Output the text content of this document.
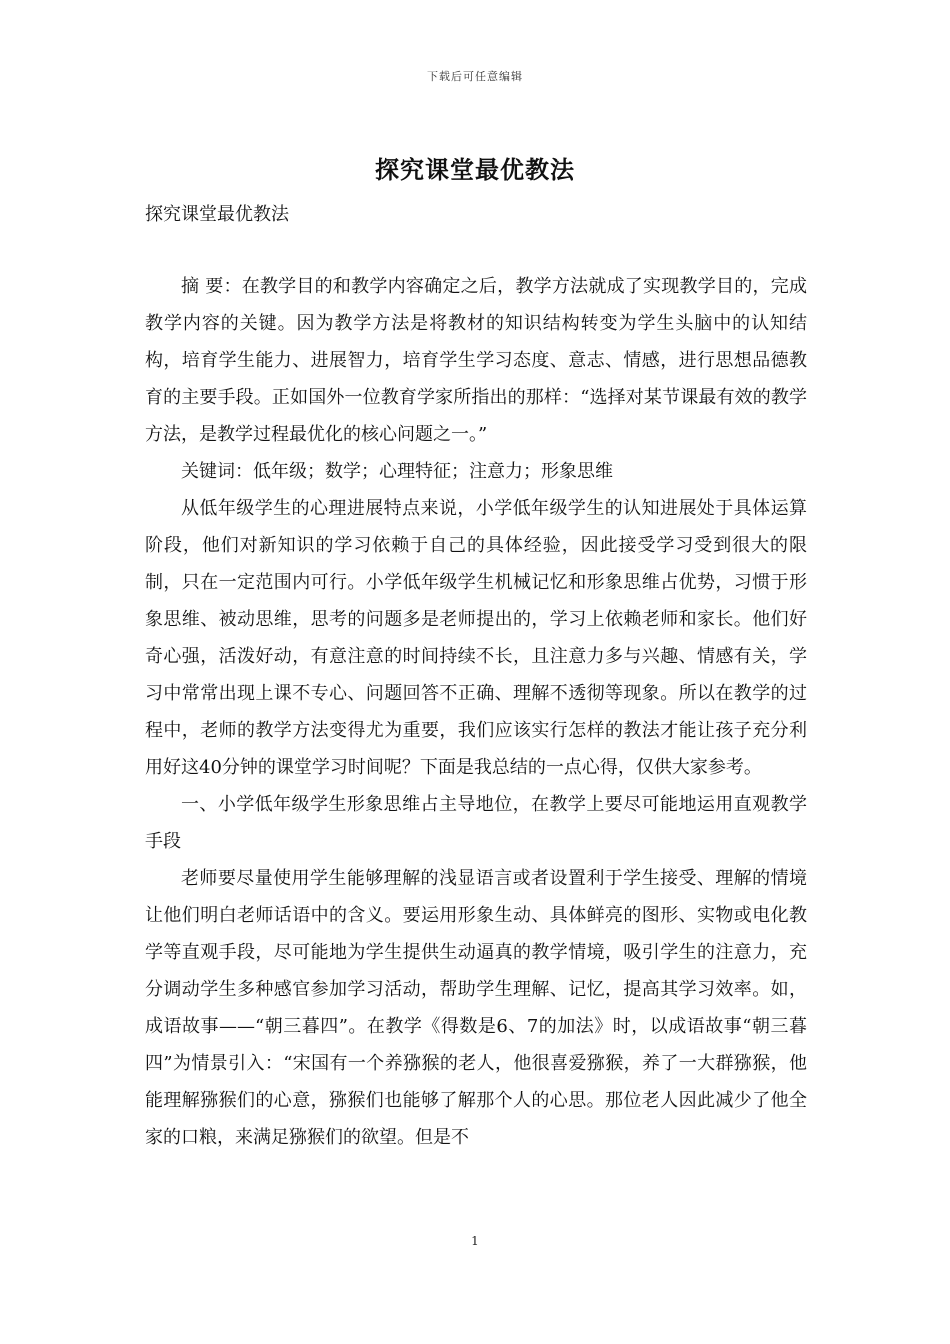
下载后可任意编辑
探究课堂最优教法
探究课堂最优教法

摘 要：在教学目的和教学内容确定之后，教学方法就成了实现教学目的，完成教学内容的关键。因为教学方法是将教材的知识结构转变为学生头脑中的认知结构，培育学生能力、进展智力，培育学生学习态度、意志、情感，进行思想品德教育的主要手段。正如国外一位教育学家所指出的那样：“选择对某节课最有效的教学方法，是教学过程最优化的核心问题之一。”

关键词：低年级；数学；心理特征；注意力；形象思维

从低年级学生的心理进展特点来说，小学低年级学生的认知进展处于具体运算阶段，他们对新知识的学习依赖于自己的具体经验，因此接受学习受到很大的限制，只在一定范围内可行。小学低年级学生机械记忆和形象思维占优势，习惯于形象思维、被动思维，思考的问题多是老师提出的，学习上依赖老师和家长。他们好奇心强，活泼好动，有意注意的时间持续不长，且注意力多与兴趣、情感有关，学习中常常出现上课不专心、问题回答不正确、理解不透彻等现象。所以在教学的过程中，老师的教学方法变得尤为重要，我们应该实行怎样的教法才能让孩子充分利用好这40分钟的课堂学习时间呢？下面是我总结的一点心得，仅供大家参考。

一、小学低年级学生形象思维占主导地位，在教学上要尽可能地运用直观教学手段

老师要尽量使用学生能够理解的浅显语言或者设置利于学生接受、理解的情境让他们明白老师话语中的含义。要运用形象生动、具体鲜亮的图形、实物或电化教学等直观手段，尽可能地为学生提供生动逼真的教学情境，吸引学生的注意力，充分调动学生多种感官参加学习活动，帮助学生理解、记忆，提高其学习效率。如，成语故事——“朝三暮四”。在教学《得数是6、7的加法》时，以成语故事“朝三暮四”为情景引入：“宋国有一个养猕猴的老人，他很喜爱猕猴，养了一大群猕猴，他能理解猕猴们的心意，猕猴们也能够了解那个人的心思。那位老人因此减少了他全家的口粮，来满足猕猴们的欲望。但是不

1
